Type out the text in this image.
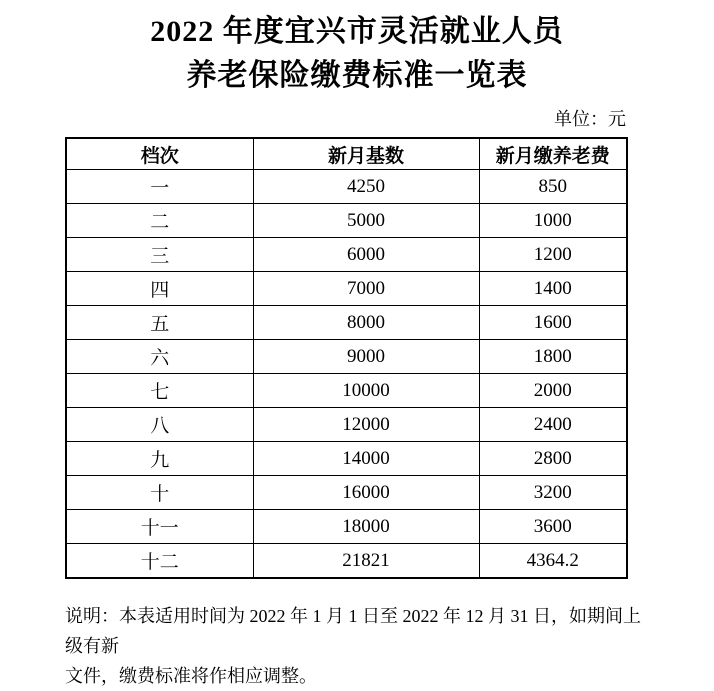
2022 年度宜兴市灵活就业人员
养老保险缴费标准一览表
单位：元
档次	新月基数	新月缴养老费
一	4250	850
二	5000	1000
三	6000	1200
四	7000	1400
五	8000	1600
六	9000	1800
七	10000	2000
八	12000	2400
九	14000	2800
十	16000	3200
十一	18000	3600
十二	21821	4364.2
说明：本表适用时间为 2022 年 1 月 1 日至 2022 年 12 月 31 日，如期间上级有新
文件，缴费标准将作相应调整。
